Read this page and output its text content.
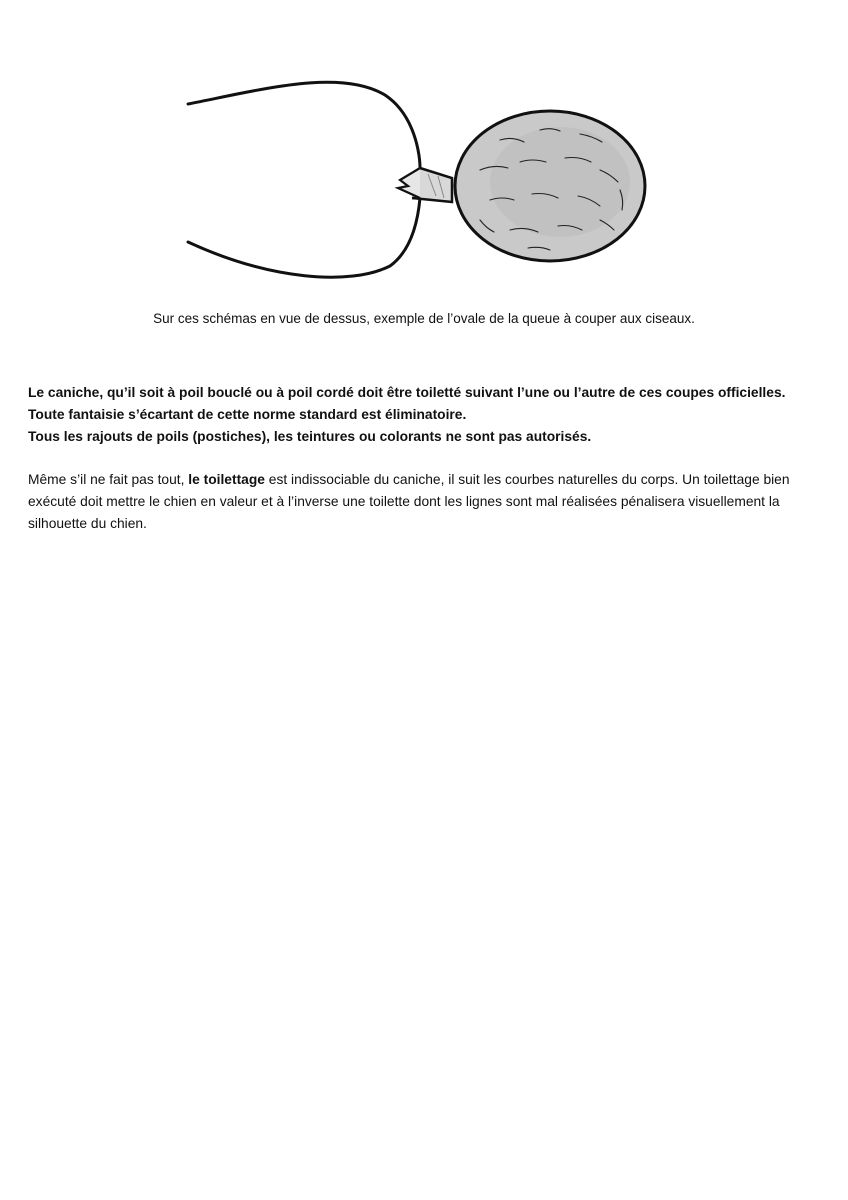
Sur ces schémas en vue de dessus, exemple de l’ovale de la queue à couper aux ciseaux.

Le caniche, qu’il soit à poil bouclé ou à poil cordé doit être toiletté suivant l’une ou l’autre de ces coupes officielles.

Toute fantaisie s’écartant de cette norme standard est éliminatoire.

Tous les rajouts de poils (postiches), les teintures ou colorants ne sont pas autorisés.

Même s’il ne fait pas tout, le toilettage est indissociable du caniche, il suit les courbes naturelles du corps. Un toilettage bien exécuté doit mettre le chien en valeur et à l’inverse une toilette dont les lignes sont mal réalisées pénalisera visuellement la silhouette du chien.
